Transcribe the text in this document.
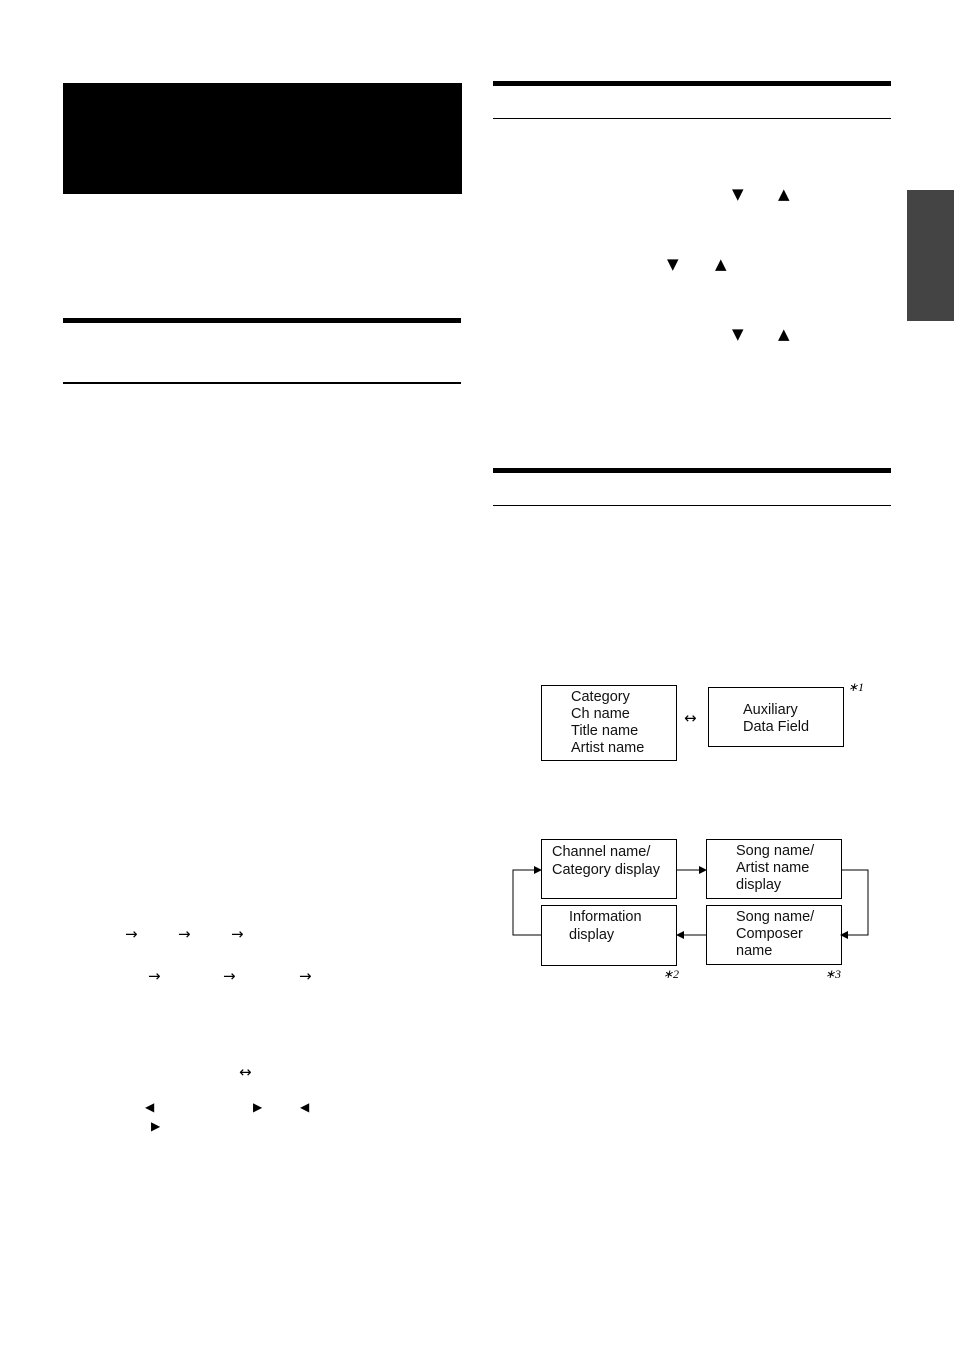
▼ ▲
▼ ▲
▼ ▲
→	→	→
→	→	→
↔
◀	▶	◀
▶
Category
Ch name
Title name
Artist name
↔	Auxiliary
Data Field
∗1
Channel name/
Category display
Song name/
Artist name
display
Information
display
Song name/
Composer
name
∗2	∗3
